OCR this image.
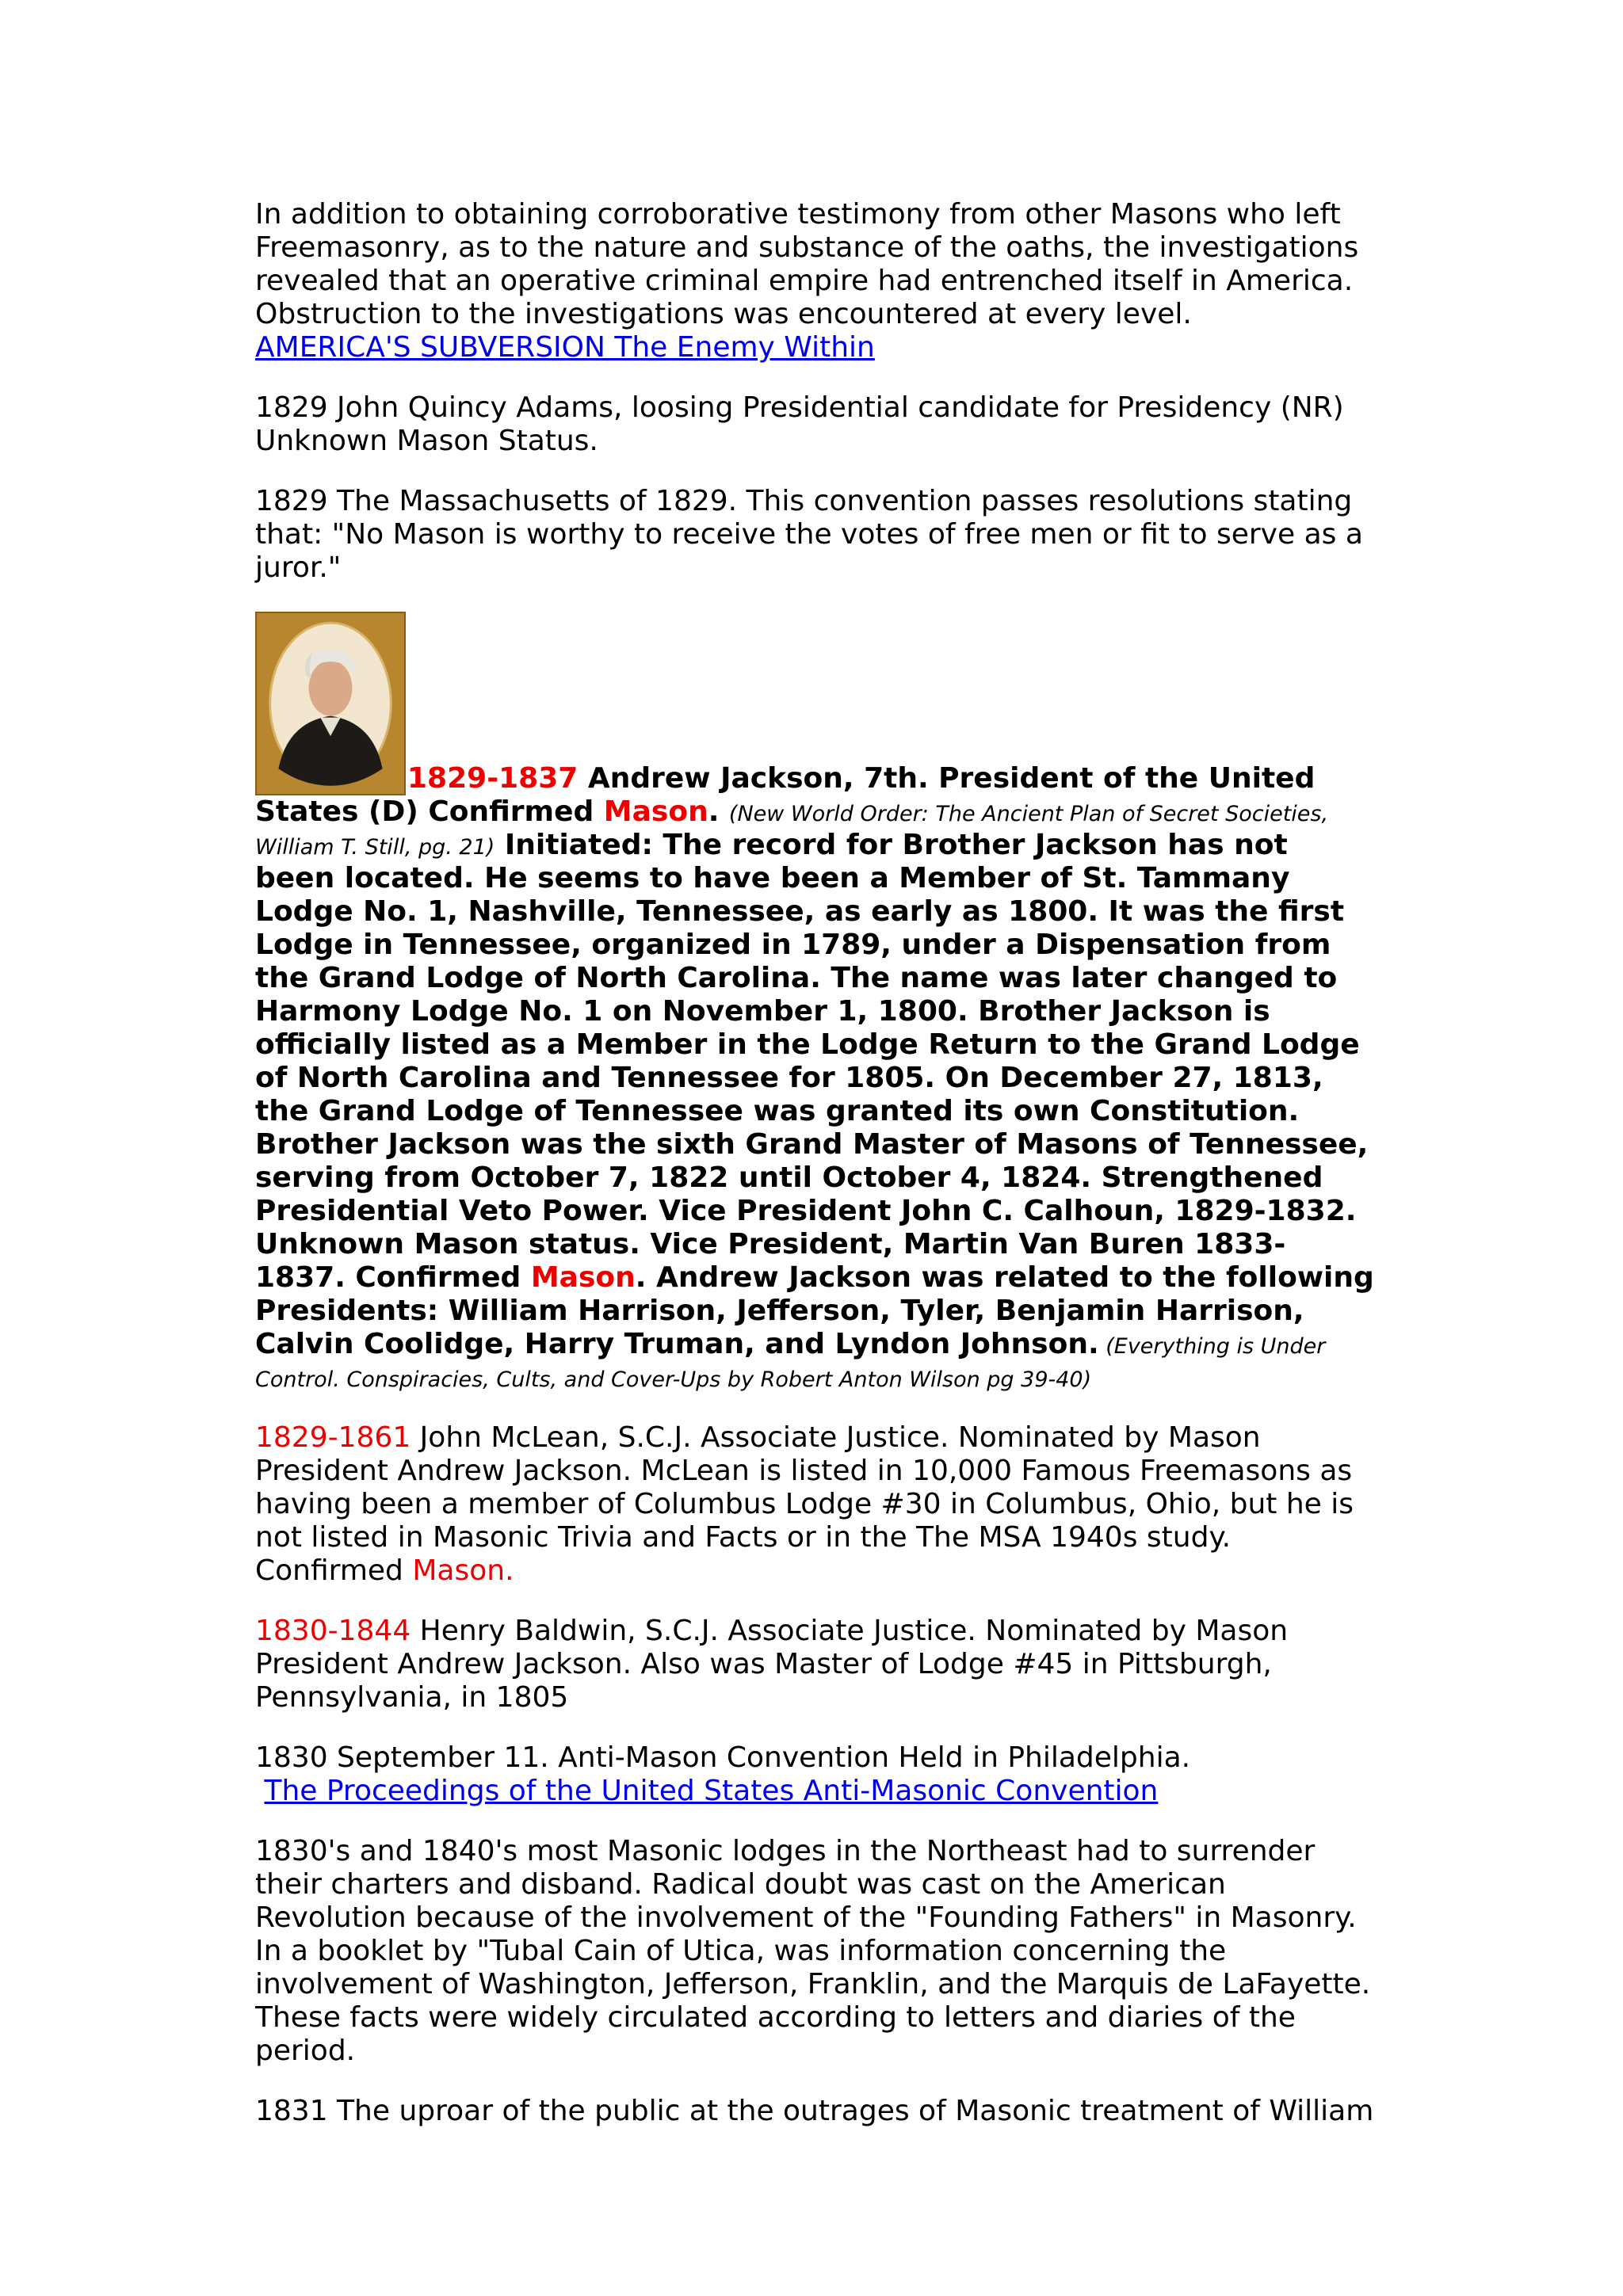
In addition to obtaining corroborative testimony from other Masons who left Freemasonry, as to the nature and substance of the oaths, the investigations revealed that an operative criminal empire had entrenched itself in America. Obstruction to the investigations was encountered at every level.
AMERICA'S SUBVERSION The Enemy Within

1829 John Quincy Adams, loosing Presidential candidate for Presidency (NR) Unknown Mason Status.

1829 The Massachusetts of 1829. This convention passes resolutions stating that: "No Mason is worthy to receive the votes of free men or fit to serve as a juror."

1829-1837 Andrew Jackson, 7th. President of the United States (D) Confirmed Mason. (New World Order: The Ancient Plan of Secret Societies, William T. Still, pg. 21) Initiated: The record for Brother Jackson has not been located. He seems to have been a Member of St. Tammany Lodge No. 1, Nashville, Tennessee, as early as 1800. It was the first Lodge in Tennessee, organized in 1789, under a Dispensation from the Grand Lodge of North Carolina. The name was later changed to Harmony Lodge No. 1 on November 1, 1800. Brother Jackson is officially listed as a Member in the Lodge Return to the Grand Lodge of North Carolina and Tennessee for 1805. On December 27, 1813, the Grand Lodge of Tennessee was granted its own Constitution. Brother Jackson was the sixth Grand Master of Masons of Tennessee, serving from October 7, 1822 until October 4, 1824. Strengthened Presidential Veto Power. Vice President John C. Calhoun, 1829-1832. Unknown Mason status. Vice President, Martin Van Buren 1833-1837. Confirmed Mason. Andrew Jackson was related to the following Presidents: William Harrison, Jefferson, Tyler, Benjamin Harrison, Calvin Coolidge, Harry Truman, and Lyndon Johnson. (Everything is Under Control. Conspiracies, Cults, and Cover-Ups by Robert Anton Wilson pg 39-40)

1829-1861 John McLean, S.C.J. Associate Justice. Nominated by Mason President Andrew Jackson. McLean is listed in 10,000 Famous Freemasons as having been a member of Columbus Lodge #30 in Columbus, Ohio, but he is not listed in Masonic Trivia and Facts or in the The MSA 1940s study. Confirmed Mason.

1830-1844 Henry Baldwin, S.C.J. Associate Justice. Nominated by Mason President Andrew Jackson. Also was Master of Lodge #45 in Pittsburgh, Pennsylvania, in 1805

1830 September 11. Anti-Mason Convention Held in Philadelphia.
The Proceedings of the United States Anti-Masonic Convention

1830's and 1840's most Masonic lodges in the Northeast had to surrender their charters and disband. Radical doubt was cast on the American Revolution because of the involvement of the "Founding Fathers" in Masonry. In a booklet by "Tubal Cain of Utica, was information concerning the involvement of Washington, Jefferson, Franklin, and the Marquis de LaFayette. These facts were widely circulated according to letters and diaries of the period.

1831 The uproar of the public at the outrages of Masonic treatment of William
